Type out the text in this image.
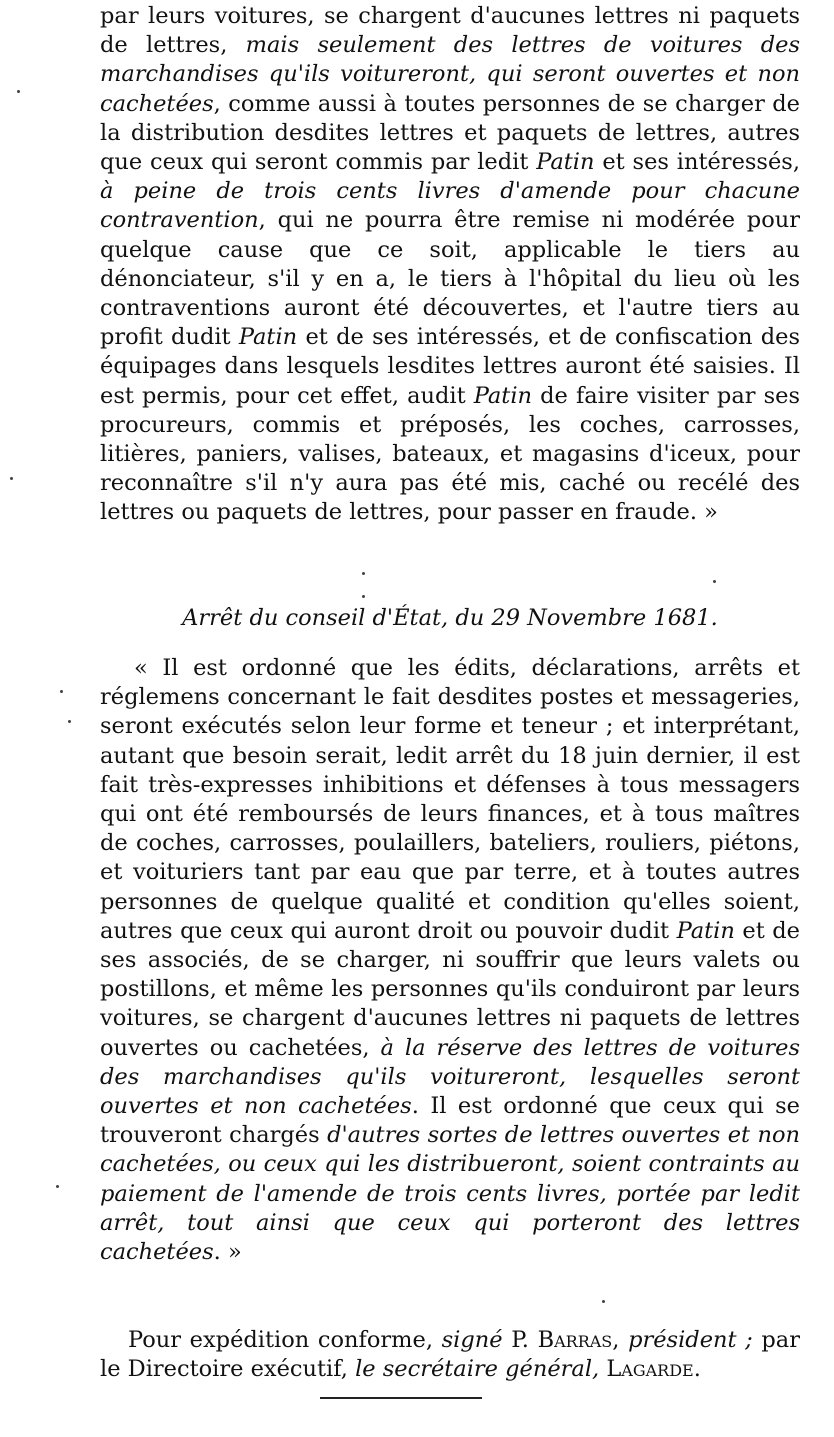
par leurs voitures, se chargent d'aucunes lettres ni paquets de lettres, mais seulement des lettres de voitures des marchandises qu'ils voitureront, qui seront ouvertes et non cachetées, comme aussi à toutes personnes de se charger de la distribution desdites lettres et paquets de lettres, autres que ceux qui seront commis par ledit Patin et ses intéressés, à peine de trois cents livres d'amende pour chacune contravention, qui ne pourra être remise ni modérée pour quelque cause que ce soit, applicable le tiers au dénonciateur, s'il y en a, le tiers à l'hôpital du lieu où les contraventions auront été découvertes, et l'autre tiers au profit dudit Patin et de ses intéressés, et de confiscation des équipages dans lesquels lesdites lettres auront été saisies. Il est permis, pour cet effet, audit Patin de faire visiter par ses procureurs, commis et préposés, les coches, carrosses, litières, paniers, valises, bateaux, et magasins d'iceux, pour reconnaître s'il n'y aura pas été mis, caché ou recélé des lettres ou paquets de lettres, pour passer en fraude. »

Arrêt du conseil d'État, du 29 Novembre 1681.

« Il est ordonné que les édits, déclarations, arrêts et réglemens concernant le fait desdites postes et messageries, seront exécutés selon leur forme et teneur ; et interprétant, autant que besoin serait, ledit arrêt du 18 juin dernier, il est fait très-expresses inhibitions et défenses à tous messagers qui ont été remboursés de leurs finances, et à tous maîtres de coches, carrosses, poulaillers, bateliers, rouliers, piétons, et voituriers tant par eau que par terre, et à toutes autres personnes de quelque qualité et condition qu'elles soient, autres que ceux qui auront droit ou pouvoir dudit Patin et de ses associés, de se charger, ni souffrir que leurs valets ou postillons, et même les personnes qu'ils conduiront par leurs voitures, se chargent d'aucunes lettres ni paquets de lettres ouvertes ou cachetées, à la réserve des lettres de voitures des marchandises qu'ils voitureront, lesquelles seront ouvertes et non cachetées. Il est ordonné que ceux qui se trouveront chargés d'autres sortes de lettres ouvertes et non cachetées, ou ceux qui les distribueront, soient contraints au paiement de l'amende de trois cents livres, portée par ledit arrêt, tout ainsi que ceux qui porteront des lettres cachetées. »

Pour expédition conforme, signé P. Barras, président ; par le Directoire exécutif, le secrétaire général, Lagarde.
